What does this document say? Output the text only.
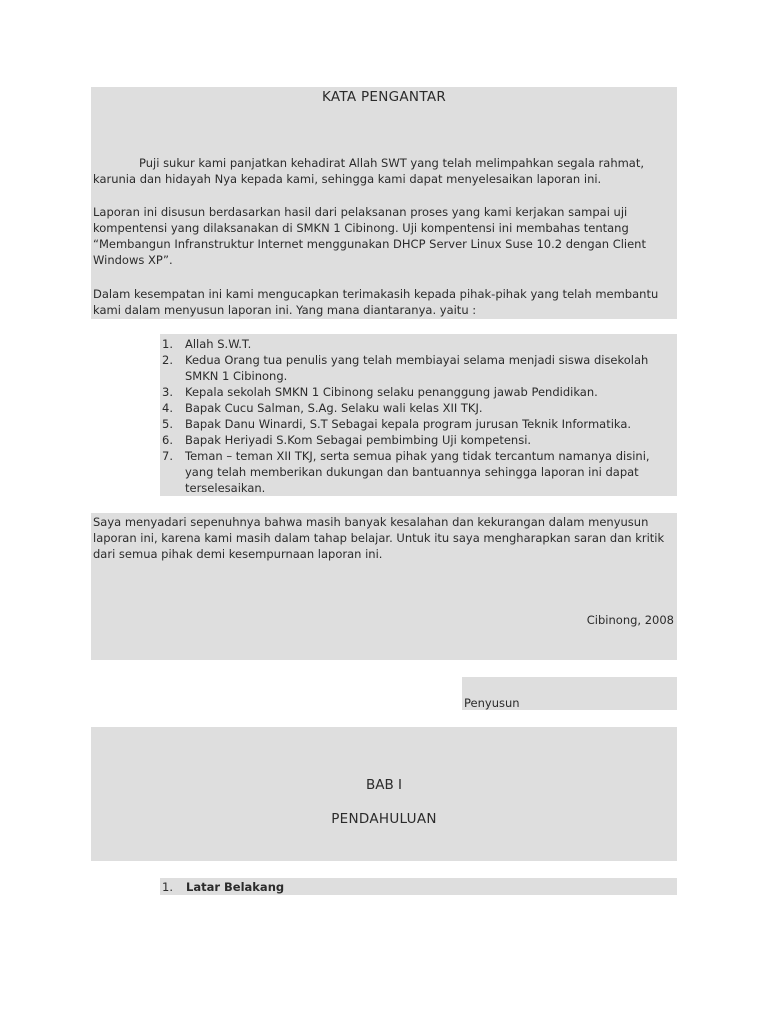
KATA PENGANTAR

Puji sukur kami panjatkan kehadirat Allah SWT yang telah melimpahkan segala rahmat, karunia dan hidayah Nya kepada kami, sehingga kami dapat menyelesaikan laporan ini.

Laporan ini disusun berdasarkan hasil dari pelaksanan proses yang kami kerjakan sampai uji kompentensi yang dilaksanakan di SMKN 1 Cibinong. Uji kompentensi ini membahas tentang “Membangun Infranstruktur Internet menggunakan DHCP Server Linux Suse 10.2 dengan Client Windows XP”.

Dalam kesempatan ini kami mengucapkan terimakasih kepada pihak-pihak yang telah membantu kami dalam menyusun laporan ini. Yang mana diantaranya. yaitu :

1.	Allah S.W.T.
2.	Kedua Orang tua penulis yang telah membiayai selama menjadi siswa disekolah SMKN 1 Cibinong.
3.	Kepala sekolah SMKN 1 Cibinong selaku penanggung jawab Pendidikan.
4.	Bapak Cucu Salman, S.Ag. Selaku wali kelas XII TKJ.
5.	Bapak Danu Winardi, S.T Sebagai kepala program jurusan Teknik Informatika.
6.	Bapak Heriyadi S.Kom Sebagai pembimbing Uji kompetensi.
7.	Teman – teman XII TKJ, serta semua pihak yang tidak tercantum namanya disini, yang telah memberikan dukungan dan bantuannya sehingga laporan ini dapat terselesaikan.

Saya menyadari sepenuhnya bahwa masih banyak kesalahan dan kekurangan dalam menyusun laporan ini, karena kami masih dalam tahap belajar. Untuk itu saya mengharapkan saran dan kritik dari semua pihak demi kesempurnaan laporan ini.

Cibinong, 2008

Penyusun

BAB I

PENDAHULUAN

1. Latar Belakang
